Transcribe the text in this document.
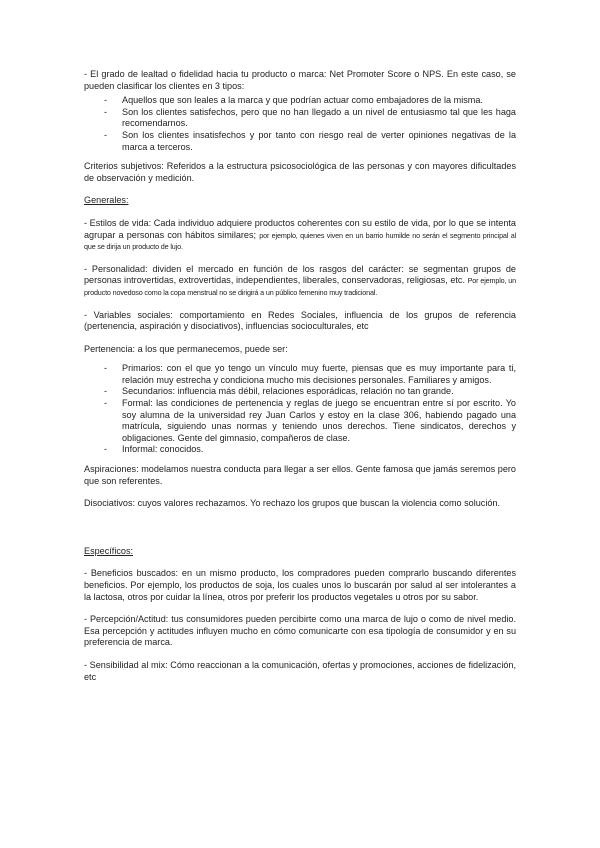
- El grado de lealtad o fidelidad hacia tu producto o marca: Net Promoter Score o NPS. En este caso, se pueden clasificar los clientes en 3 tipos:

- Aquellos que son leales a la marca y que podrían actuar como embajadores de la misma.
- Son los clientes satisfechos, pero que no han llegado a un nivel de entusiasmo tal que les haga recomendarnos.
- Son los clientes insatisfechos y por tanto con riesgo real de verter opiniones negativas de la marca a terceros.

Criterios subjetivos: Referidos a la estructura psicosociológica de las personas y con mayores dificultades de observación y medición.

Generales:

- Estilos de vida: Cada individuo adquiere productos coherentes con su estilo de vida, por lo que se intenta agrupar a personas con hábitos similares; por ejemplo, quienes viven en un barrio humilde no serán el segmento principal al que se dirija un producto de lujo.

- Personalidad: dividen el mercado en función de los rasgos del carácter: se segmentan grupos de personas introvertidas, extrovertidas, independientes, liberales, conservadoras, religiosas, etc. Por ejemplo, un producto novedoso como la copa menstrual no se dirigirá a un público femenino muy tradicional.

- Variables sociales: comportamiento en Redes Sociales, influencia de los grupos de referencia (pertenencia, aspiración y disociativos), influencias socioculturales, etc

Pertenencia: a los que permanecemos, puede ser:

- Primarios: con el que yo tengo un vínculo muy fuerte, piensas que es muy importante para ti, relación muy estrecha y condiciona mucho mis decisiones personales. Familiares y amigos.
- Secundarios: influencia más débil, relaciones esporádicas, relación no tan grande.
- Formal: las condiciones de pertenencia y reglas de juego se encuentran entre sí por escrito. Yo soy alumna de la universidad rey Juan Carlos y estoy en la clase 306, habiendo pagado una matrícula, siguiendo unas normas y teniendo unos derechos. Tiene sindicatos, derechos y obligaciones. Gente del gimnasio, compañeros de clase.
- Informal: conocidos.

Aspiraciones: modelamos nuestra conducta para llegar a ser ellos. Gente famosa que jamás seremos pero que son referentes.

Disociativos: cuyos valores rechazamos. Yo rechazo los grupos que buscan la violencia como solución.

Específicos:

- Beneficios buscados: en un mismo producto, los compradores pueden comprarlo buscando diferentes beneficios. Por ejemplo, los productos de soja, los cuales unos lo buscarán por salud al ser intolerantes a la lactosa, otros por cuidar la línea, otros por preferir los productos vegetales u otros por su sabor.

- Percepción/Actitud: tus consumidores pueden percibirte como una marca de lujo o como de nivel medio. Esa percepción y actitudes influyen mucho en cómo comunicarte con esa tipología de consumidor y en su preferencia de marca.

- Sensibilidad al mix: Cómo reaccionan a la comunicación, ofertas y promociones, acciones de fidelización, etc
